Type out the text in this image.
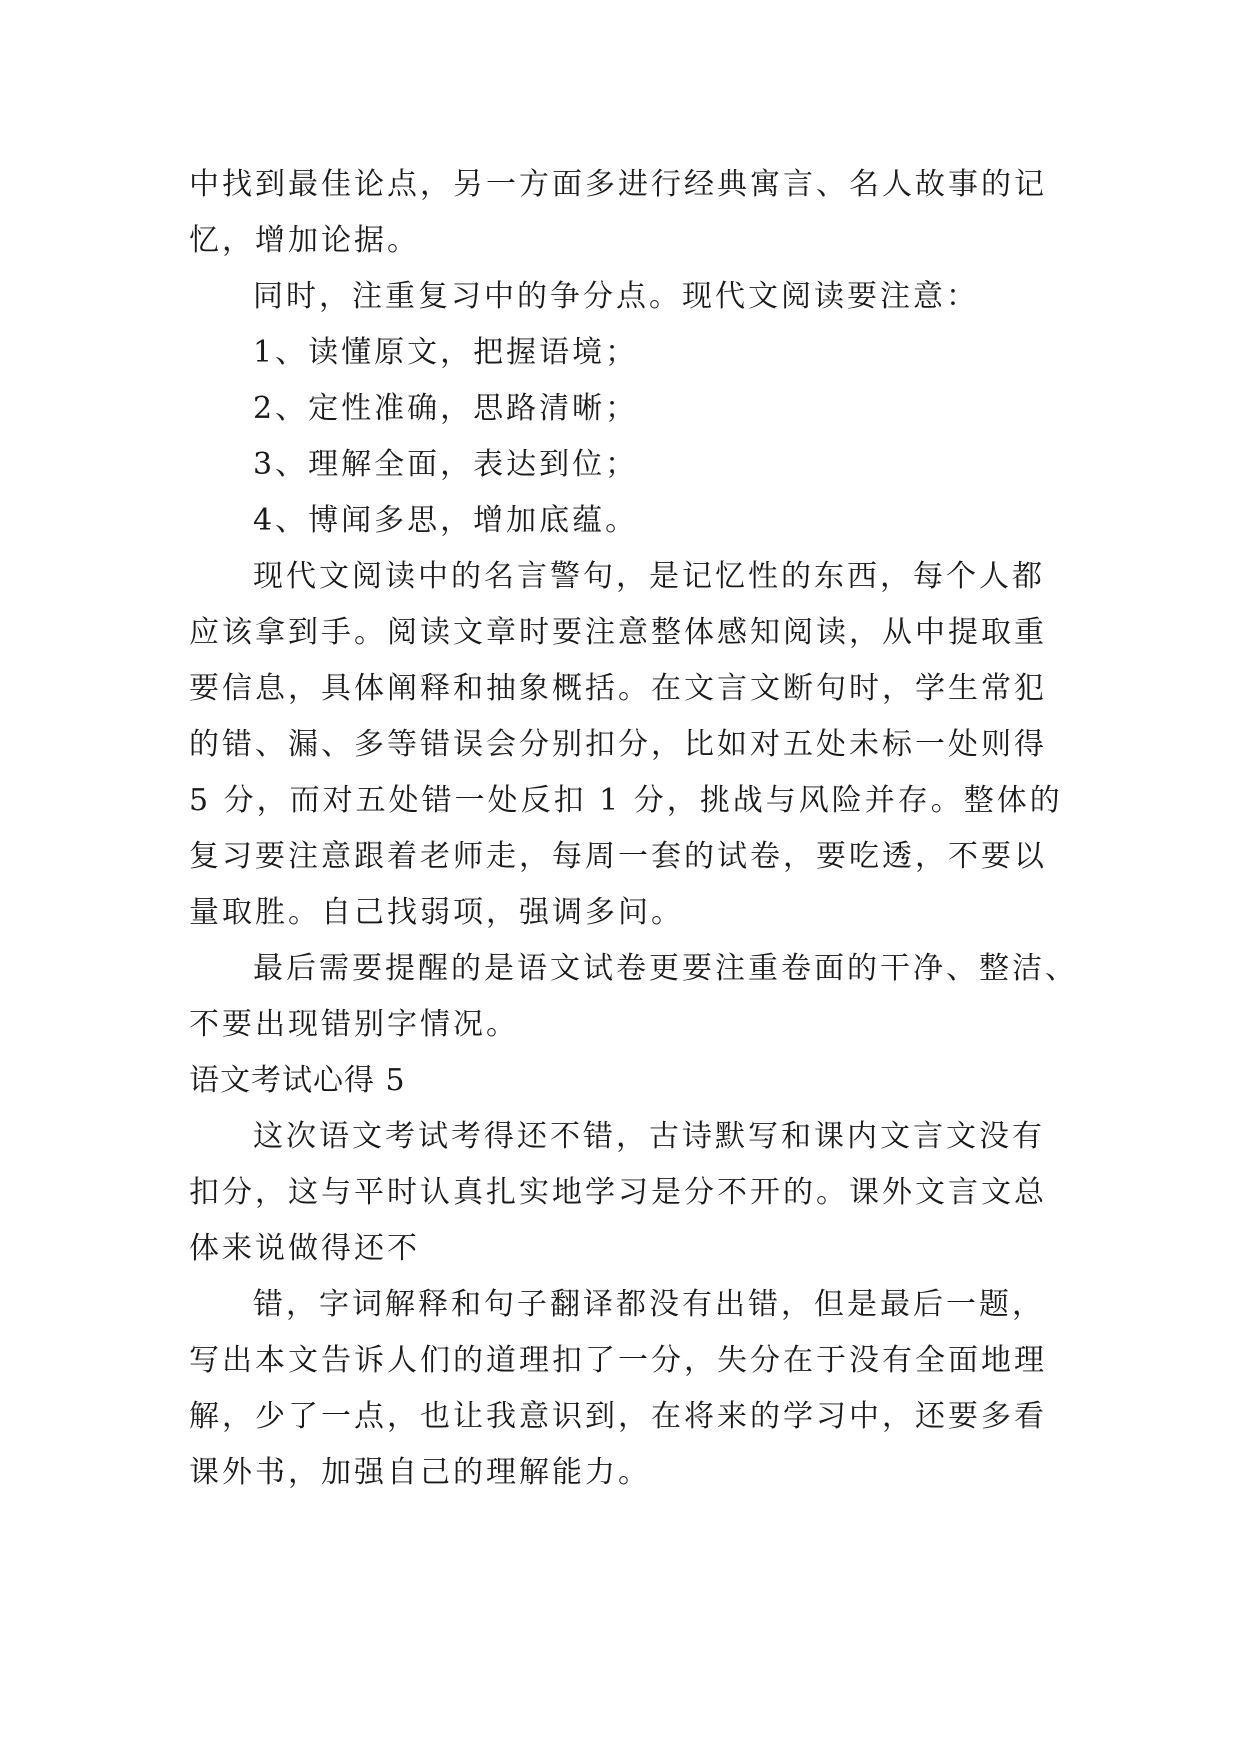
中找到最佳论点，另一方面多进行经典寓言、名人故事的记
忆，增加论据。
同时，注重复习中的争分点。现代文阅读要注意：
1、读懂原文，把握语境；
2、定性准确，思路清晰；
3、理解全面，表达到位；
4、博闻多思，增加底蕴。
现代文阅读中的名言警句，是记忆性的东西，每个人都
应该拿到手。阅读文章时要注意整体感知阅读，从中提取重
要信息，具体阐释和抽象概括。在文言文断句时，学生常犯
的错、漏、多等错误会分别扣分，比如对五处未标一处则得
5 分，而对五处错一处反扣 1 分，挑战与风险并存。整体的
复习要注意跟着老师走，每周一套的试卷，要吃透，不要以
量取胜。自己找弱项，强调多问。
最后需要提醒的是语文试卷更要注重卷面的干净、整洁、
不要出现错别字情况。
语文考试心得 5
这次语文考试考得还不错，古诗默写和课内文言文没有
扣分，这与平时认真扎实地学习是分不开的。课外文言文总
体来说做得还不
错，字词解释和句子翻译都没有出错，但是最后一题，
写出本文告诉人们的道理扣了一分，失分在于没有全面地理
解，少了一点，也让我意识到，在将来的学习中，还要多看
课外书，加强自己的理解能力。
